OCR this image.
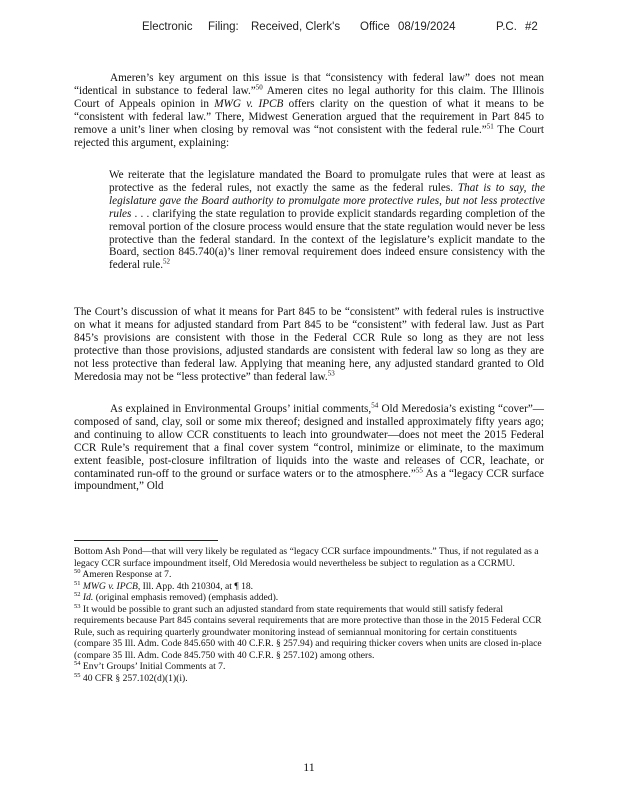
Electronic Filing: Received, Clerk's Office 08/19/2024	P.C. #2

Ameren’s key argument on this issue is that “consistency with federal law” does not mean “identical in substance to federal law.”$^{50}$ Ameren cites no legal authority for this claim. The Illinois Court of Appeals opinion in MWG v. IPCB offers clarity on the question of what it means to be “consistent with federal law.” There, Midwest Generation argued that the requirement in Part 845 to remove a unit’s liner when closing by removal was “not consistent with the federal rule.”$^{51}$ The Court rejected this argument, explaining:

We reiterate that the legislature mandated the Board to promulgate rules that were at least as protective as the federal rules, not exactly the same as the federal rules. That is to say, the legislature gave the Board authority to promulgate more protective rules, but not less protective rules . . . clarifying the state regulation to provide explicit standards regarding completion of the removal portion of the closure process would ensure that the state regulation would never be less protective than the federal standard. In the context of the legislature’s explicit mandate to the Board, section 845.740(a)’s liner removal requirement does indeed ensure consistency with the federal rule.$^{52}$

The Court’s discussion of what it means for Part 845 to be “consistent” with federal rules is instructive on what it means for adjusted standard from Part 845 to be “consistent” with federal law. Just as Part 845’s provisions are consistent with those in the Federal CCR Rule so long as they are not less protective than those provisions, adjusted standards are consistent with federal law so long as they are not less protective than federal law. Applying that meaning here, any adjusted standard granted to Old Meredosia may not be “less protective” than federal law.$^{53}$

As explained in Environmental Groups’ initial comments,$^{54}$ Old Meredosia’s existing “cover”—composed of sand, clay, soil or some mix thereof; designed and installed approximately fifty years ago; and continuing to allow CCR constituents to leach into groundwater—does not meet the 2015 Federal CCR Rule’s requirement that a final cover system “control, minimize or eliminate, to the maximum extent feasible, post-closure infiltration of liquids into the waste and releases of CCR, leachate, or contaminated run-off to the ground or surface waters or to the atmosphere.”$^{55}$ As a “legacy CCR surface impoundment,” Old

Bottom Ash Pond—that will very likely be regulated as “legacy CCR surface impoundments.” Thus, if not regulated as a legacy CCR surface impoundment itself, Old Meredosia would nevertheless be subject to regulation as a CCRMU.

$^{50}$ Ameren Response at 7.

$^{51}$ MWG v. IPCB, Ill. App. 4th 210304, at ¶ 18.

$^{52}$ Id. (original emphasis removed) (emphasis added).

$^{53}$ It would be possible to grant such an adjusted standard from state requirements that would still satisfy federal requirements because Part 845 contains several requirements that are more protective than those in the 2015 Federal CCR Rule, such as requiring quarterly groundwater monitoring instead of semiannual monitoring for certain constituents (compare 35 Ill. Adm. Code 845.650 with 40 C.F.R. § 257.94) and requiring thicker covers when units are closed in-place (compare 35 Ill. Adm. Code 845.750 with 40 C.F.R. § 257.102) among others.

$^{54}$ Env’t Groups’ Initial Comments at 7.

$^{55}$ 40 CFR § 257.102(d)(1)(i).

11
